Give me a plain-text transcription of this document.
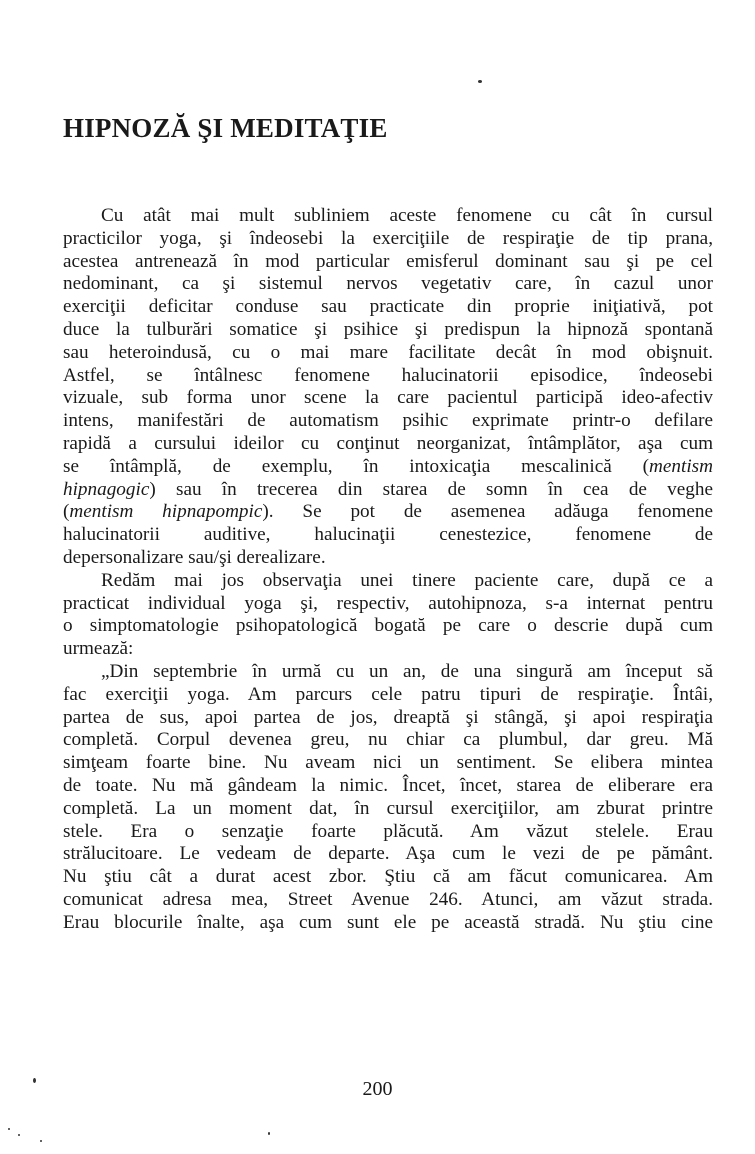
HIPNOZĂ ŞI MEDITAŢIE
Cu atât mai mult subliniem aceste fenomene cu cât în cursul
practicilor yoga, şi îndeosebi la exerciţiile de respiraţie de tip prana,
acestea antrenează în mod particular emisferul dominant sau şi pe cel
nedominant, ca şi sistemul nervos vegetativ care, în cazul unor
exerciţii deficitar conduse sau practicate din proprie iniţiativă, pot
duce la tulburări somatice şi psihice şi predispun la hipnoză spontană
sau heteroindusă, cu o mai mare facilitate decât în mod obişnuit.
Astfel, se întâlnesc fenomene halucinatorii episodice, îndeosebi
vizuale, sub forma unor scene la care pacientul participă ideo-afectiv
intens, manifestări de automatism psihic exprimate printr-o defilare
rapidă a cursului ideilor cu conţinut neorganizat, întâmplător, aşa cum
se întâmplă, de exemplu, în intoxicaţia mescalinică (mentism
hipnagogic) sau în trecerea din starea de somn în cea de veghe
(mentism hipnapompic). Se pot de asemenea adăuga fenomene
halucinatorii auditive, halucinaţii cenestezice, fenomene de
depersonalizare sau/şi derealizare.
Redăm mai jos observaţia unei tinere paciente care, după ce a
practicat individual yoga şi, respectiv, autohipnoza, s-a internat pentru
o simptomatologie psihopatologică bogată pe care o descrie după cum
urmează:
„Din septembrie în urmă cu un an, de una singură am început să
fac exerciţii yoga. Am parcurs cele patru tipuri de respiraţie. Întâi,
partea de sus, apoi partea de jos, dreaptă şi stângă, şi apoi respiraţia
completă. Corpul devenea greu, nu chiar ca plumbul, dar greu. Mă
simţeam foarte bine. Nu aveam nici un sentiment. Se elibera mintea
de toate. Nu mă gândeam la nimic. Încet, încet, starea de eliberare era
completă. La un moment dat, în cursul exerciţiilor, am zburat printre
stele. Era o senzaţie foarte plăcută. Am văzut stelele. Erau
strălucitoare. Le vedeam de departe. Aşa cum le vezi de pe pământ.
Nu ştiu cât a durat acest zbor. Ştiu că am făcut comunicarea. Am
comunicat adresa mea, Street Avenue 246. Atunci, am văzut strada.
Erau blocurile înalte, aşa cum sunt ele pe această stradă. Nu ştiu cine
200
